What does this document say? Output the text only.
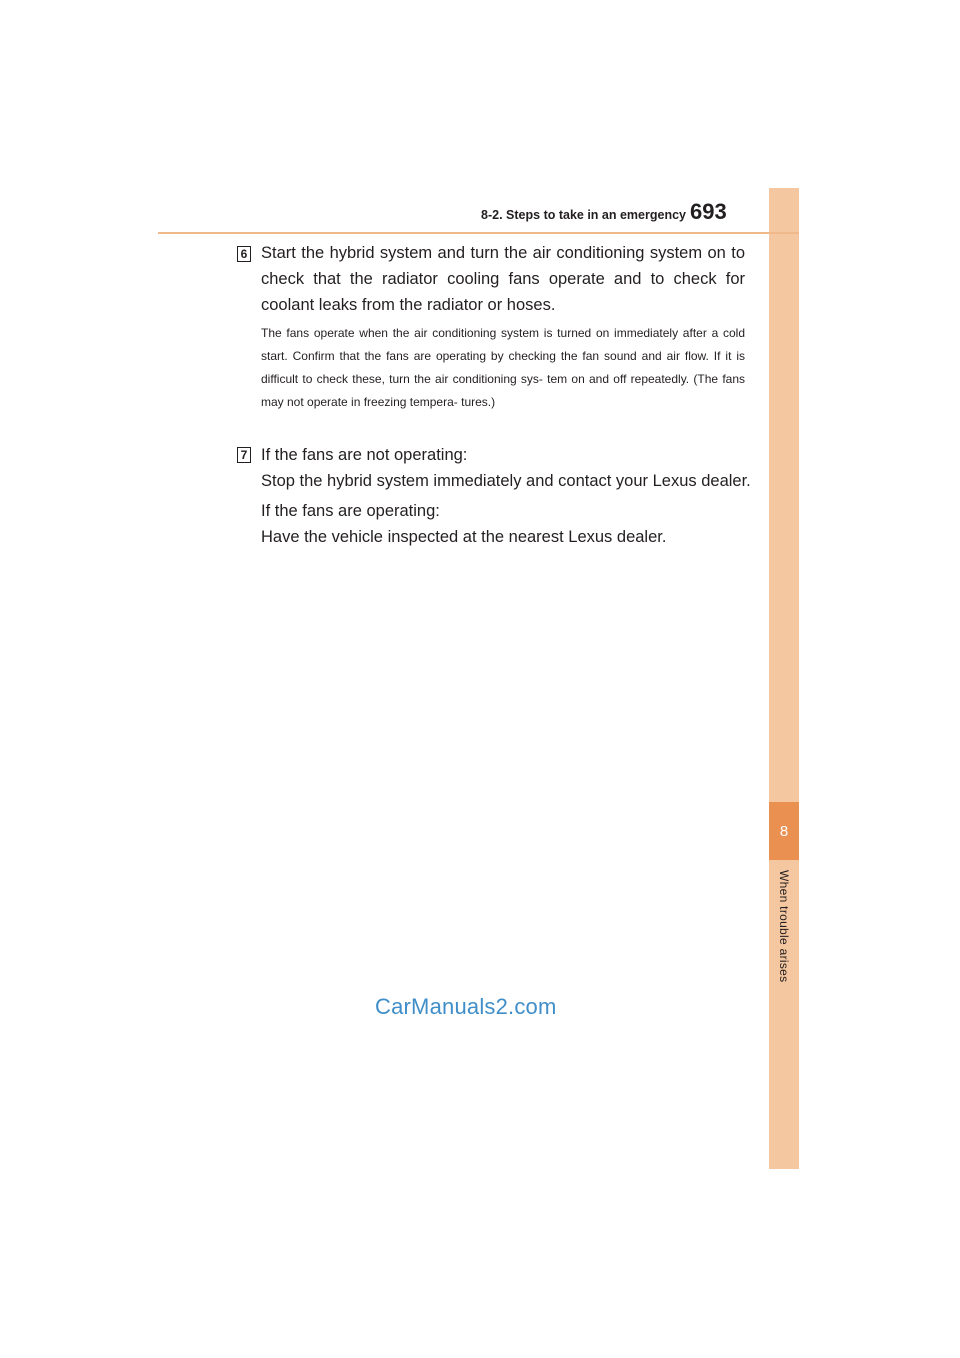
8
When trouble arises
8-2. Steps to take in an emergency 693
6 Start the hybrid system and turn the air conditioning system on to check that the radiator cooling fans operate and to check for coolant leaks from the radiator or hoses.

The fans operate when the air conditioning system is turned on immediately after a cold start. Confirm that the fans are operating by checking the fan sound and air flow. If it is difficult to check these, turn the air conditioning sys- tem on and off repeatedly. (The fans may not operate in freezing tempera- tures.)

7 If the fans are not operating:
Stop the hybrid system immediately and contact your Lexus dealer.

If the fans are operating:
Have the vehicle inspected at the nearest Lexus dealer.

CarManuals2.com
